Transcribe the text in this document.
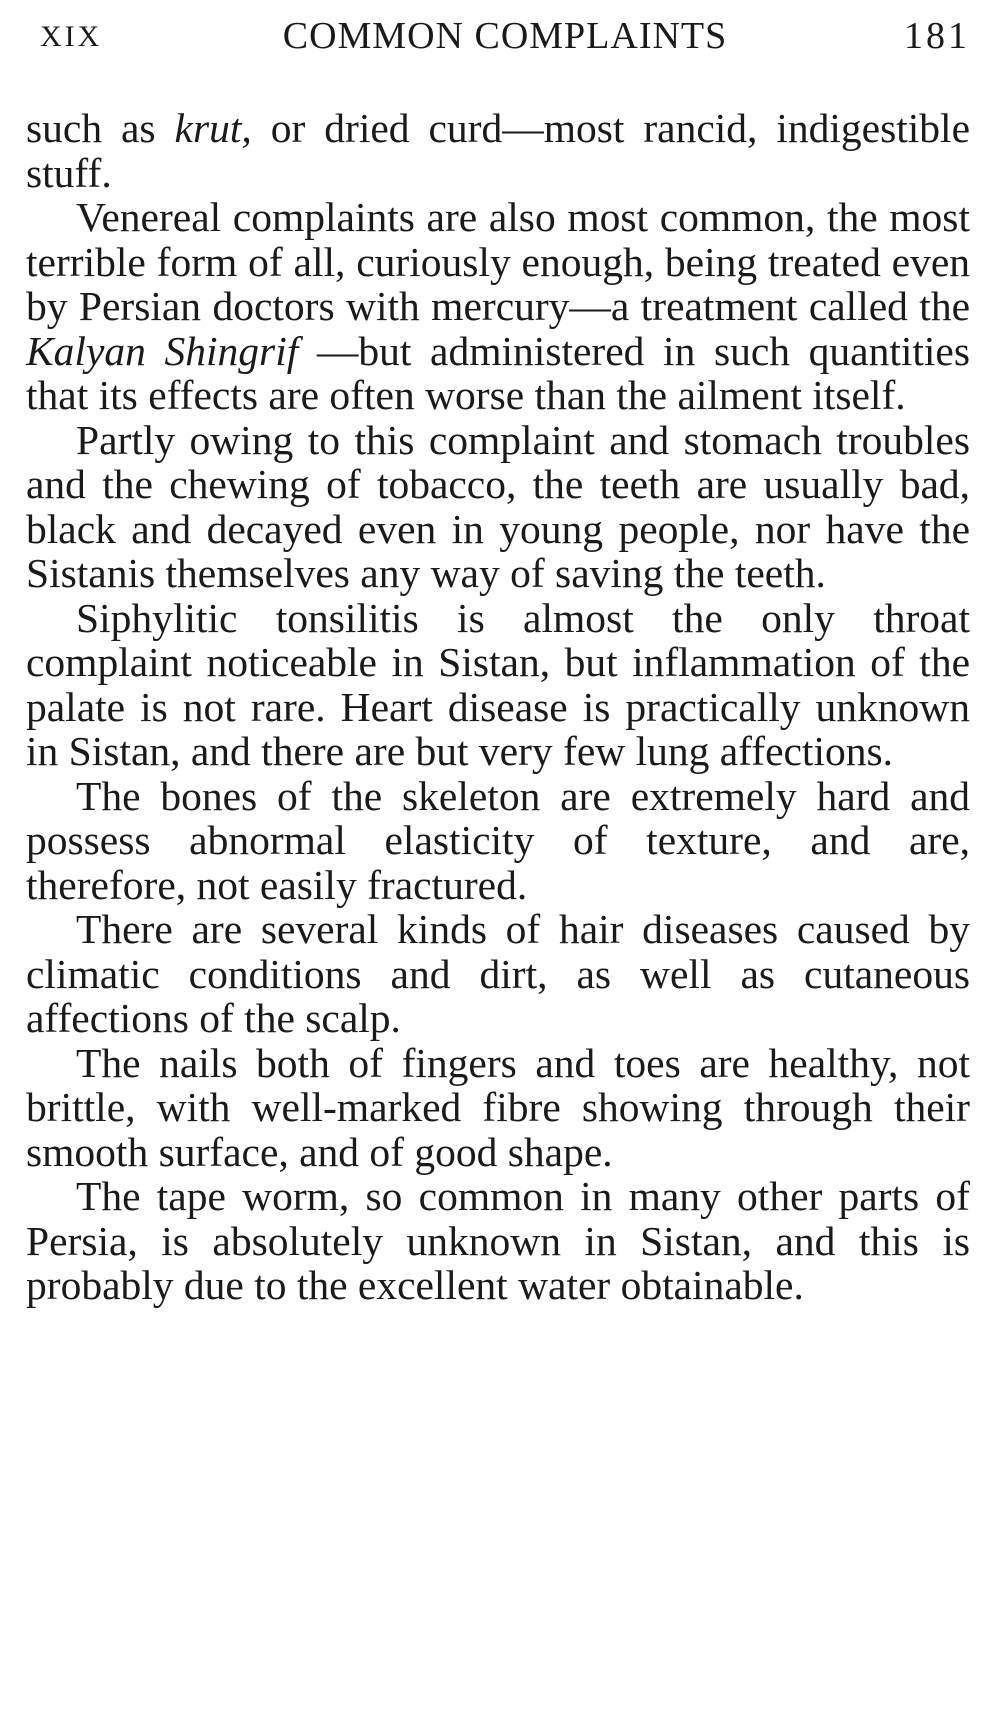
XIX	COMMON COMPLAINTS	181

such as krut, or dried curd—most rancid, indigestible stuff.

Venereal complaints are also most common, the most terrible form of all, curiously enough, being treated even by Persian doctors with mercury—a treatment called the Kalyan Shingrif —but administered in such quantities that its effects are often worse than the ailment itself.

Partly owing to this complaint and stomach troubles and the chewing of tobacco, the teeth are usually bad, black and decayed even in young people, nor have the Sistanis themselves any way of saving the teeth.

Siphylitic tonsilitis is almost the only throat complaint noticeable in Sistan, but inflammation of the palate is not rare. Heart disease is practically unknown in Sistan, and there are but very few lung affections.

The bones of the skeleton are extremely hard and possess abnormal elasticity of texture, and are, therefore, not easily fractured.

There are several kinds of hair diseases caused by climatic conditions and dirt, as well as cutaneous affections of the scalp.

The nails both of fingers and toes are healthy, not brittle, with well-marked fibre showing through their smooth surface, and of good shape.

The tape worm, so common in many other parts of Persia, is absolutely unknown in Sistan, and this is probably due to the excellent water obtainable.
